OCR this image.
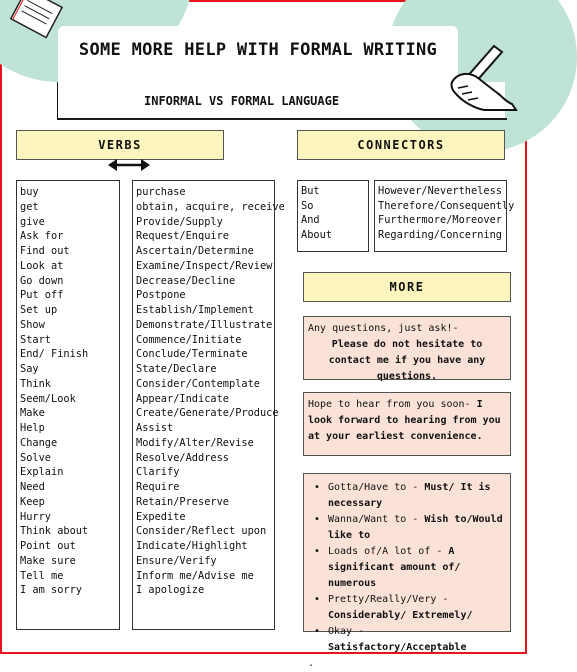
SOME MORE HELP WITH FORMAL WRITING
INFORMAL VS FORMAL LANGUAGE
VERBS
buy
get
give
Ask for
Find out
Look at
Go down
Put off
Set up
Show
Start
End/ Finish
Say
Think
Seem/Look
Make
Help
Change
Solve
Explain
Need
Keep
Hurry
Think about
Point out
Make sure
Tell me
I am sorry
purchase
obtain, acquire, receive
Provide/Supply
Request/Enquire
Ascertain/Determine
Examine/Inspect/Review
Decrease/Decline
Postpone
Establish/Implement
Demonstrate/Illustrate
Commence/Initiate
Conclude/Terminate
State/Declare
Consider/Contemplate
Appear/Indicate
Create/Generate/Produce
Assist
Modify/Alter/Revise
Resolve/Address
Clarify
Require
Retain/Preserve
Expedite
Consider/Reflect upon
Indicate/Highlight
Ensure/Verify
Inform me/Advise me
I apologize
CONNECTORS
But
So
And
About
However/Nevertheless
Therefore/Consequently
Furthermore/Moreover
Regarding/Concerning
MORE
Any questions, just ask!-
Please do not hesitate to contact me if you have any questions.
Hope to hear from you soon- I look forward to hearing from you at your earliest convenience.
• Gotta/Have to - Must/ It is necessary
• Wanna/Want to - Wish to/Would like to
• Loads of/A lot of - A significant amount of/ numerous
• Pretty/Really/Very - Considerably/ Extremely/
• Okay - Satisfactory/Acceptable
.
